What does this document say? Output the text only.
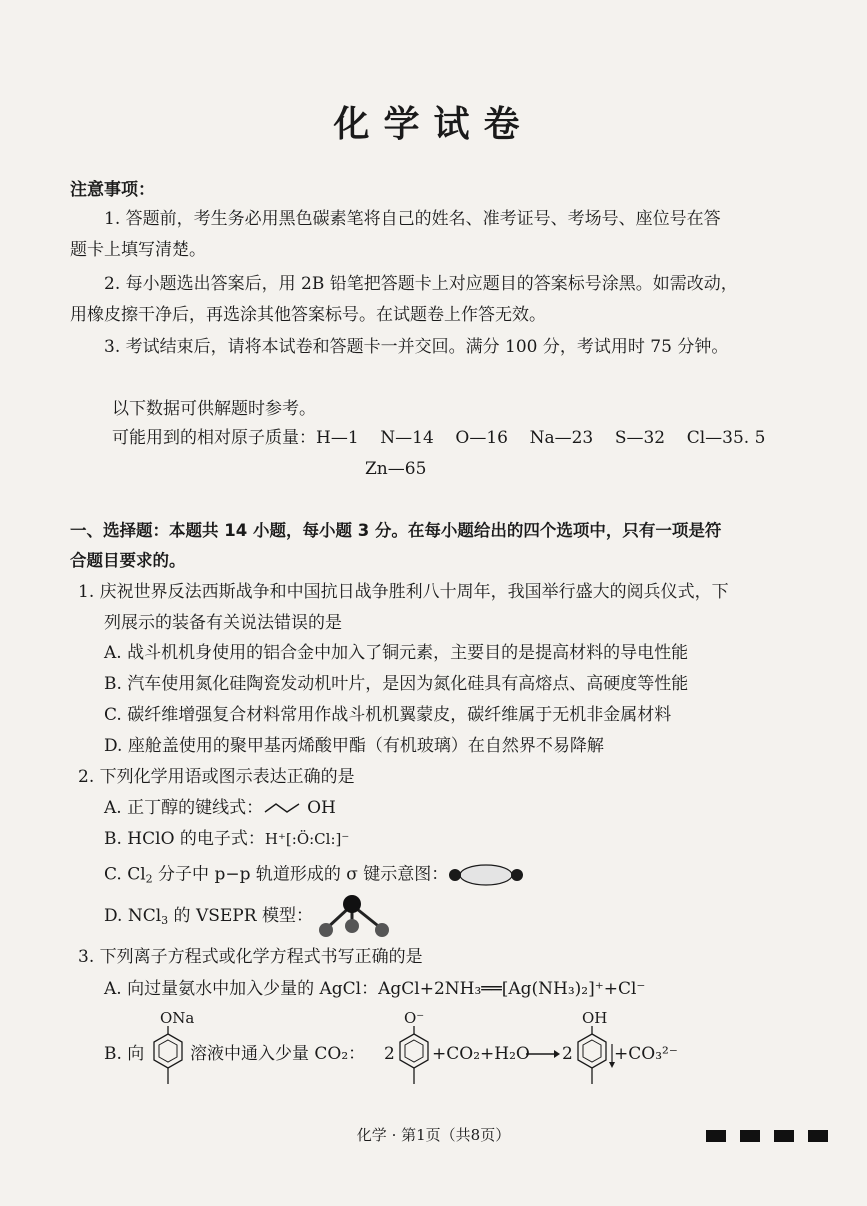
化学试卷
注意事项：
1. 答题前，考生务必用黑色碳素笔将自己的姓名、准考证号、考场号、座位号在答
题卡上填写清楚。
2. 每小题选出答案后，用 2B 铅笔把答题卡上对应题目的答案标号涂黑。如需改动，
用橡皮擦干净后，再选涂其他答案标号。在试题卷上作答无效。
3. 考试结束后，请将本试卷和答题卡一并交回。满分 100 分，考试用时 75 分钟。
以下数据可供解题时参考。
可能用到的相对原子质量：H—1    N—14    O—16    Na—23    S—32    Cl—35. 5
Zn—65
一、选择题：本题共 14 小题，每小题 3 分。在每小题给出的四个选项中，只有一项是符
合题目要求的。
1. 庆祝世界反法西斯战争和中国抗日战争胜利八十周年，我国举行盛大的阅兵仪式，下
列展示的装备有关说法错误的是
A. 战斗机机身使用的铝合金中加入了铜元素，主要目的是提高材料的导电性能
B. 汽车使用氮化硅陶瓷发动机叶片，是因为氮化硅具有高熔点、高硬度等性能
C. 碳纤维增强复合材料常用作战斗机机翼蒙皮，碳纤维属于无机非金属材料
D. 座舱盖使用的聚甲基丙烯酸甲酯（有机玻璃）在自然界不易降解
2. 下列化学用语或图示表达正确的是
A. 正丁醇的键线式：	OH
B. HClO 的电子式：H⁺[:Ö:Cl:]⁻
C. $Cl_2$ 分子中 p−p 轨道形成的 σ 键示意图：
D. NCl$_3$ 的 VSEPR 模型：
3. 下列离子方程式或化学方程式书写正确的是
A. 向过量氨水中加入少量的 AgCl：AgCl+2NH₃══[Ag(NH₃)₂]⁺+Cl⁻
B. 向
ONa
溶液中通入少量 CO₂： 2
O⁻
+CO₂+H₂O → 2
OH
+CO₃²⁻
化学 · 第1页（共8页）
